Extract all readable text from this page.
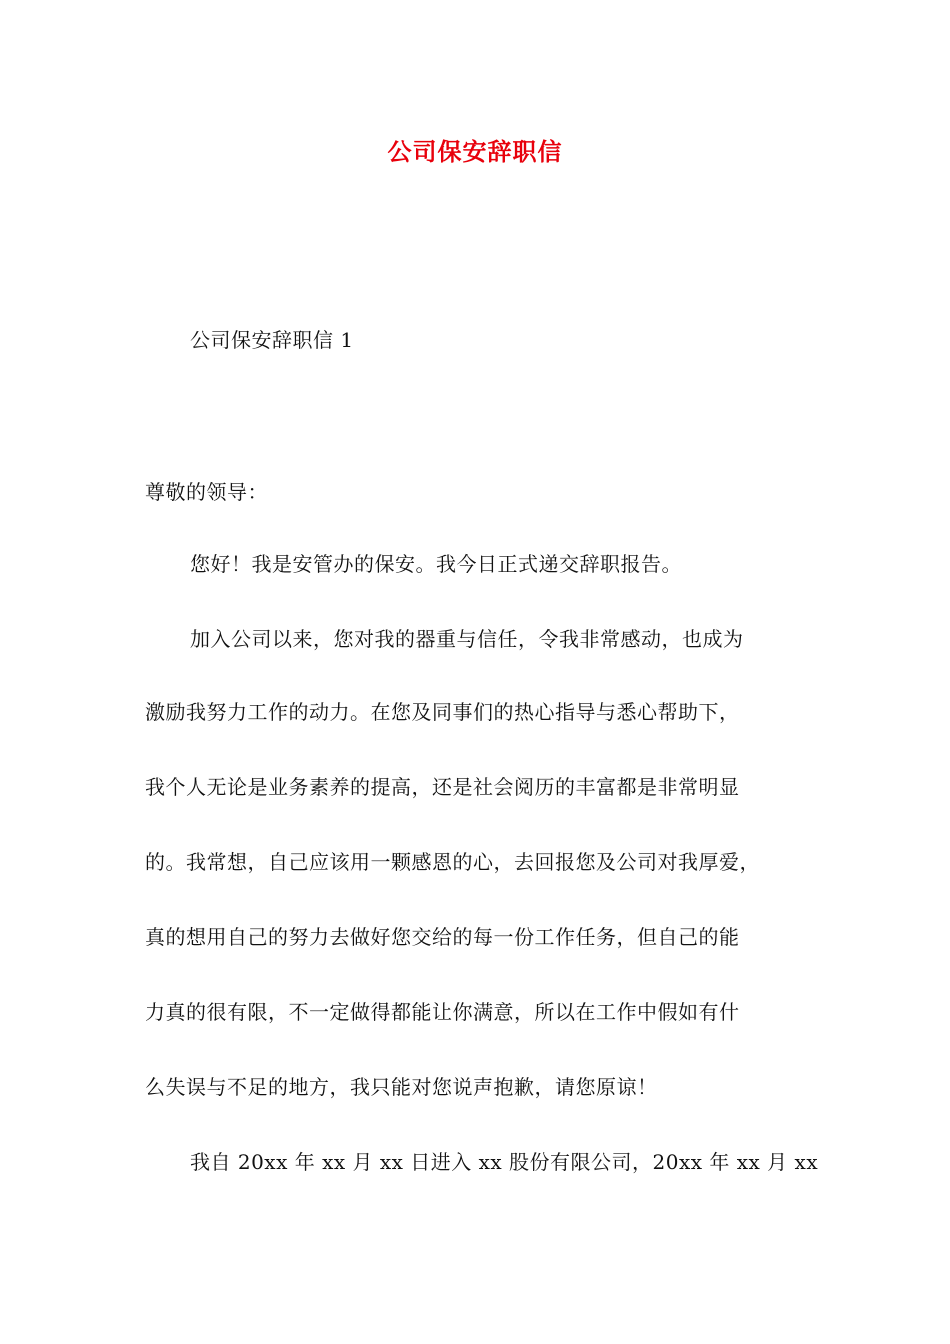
公司保安辞职信
公司保安辞职信 1
尊敬的领导：
您好！我是安管办的保安。我今日正式递交辞职报告。
加入公司以来，您对我的器重与信任，令我非常感动，也成为
激励我努力工作的动力。在您及同事们的热心指导与悉心帮助下，
我个人无论是业务素养的提高，还是社会阅历的丰富都是非常明显
的。我常想，自己应该用一颗感恩的心，去回报您及公司对我厚爱，
真的想用自己的努力去做好您交给的每一份工作任务，但自己的能
力真的很有限，不一定做得都能让你满意，所以在工作中假如有什
么失误与不足的地方，我只能对您说声抱歉，请您原谅！
我自 20xx 年 xx 月 xx 日进入 xx 股份有限公司，20xx 年 xx 月 xx
